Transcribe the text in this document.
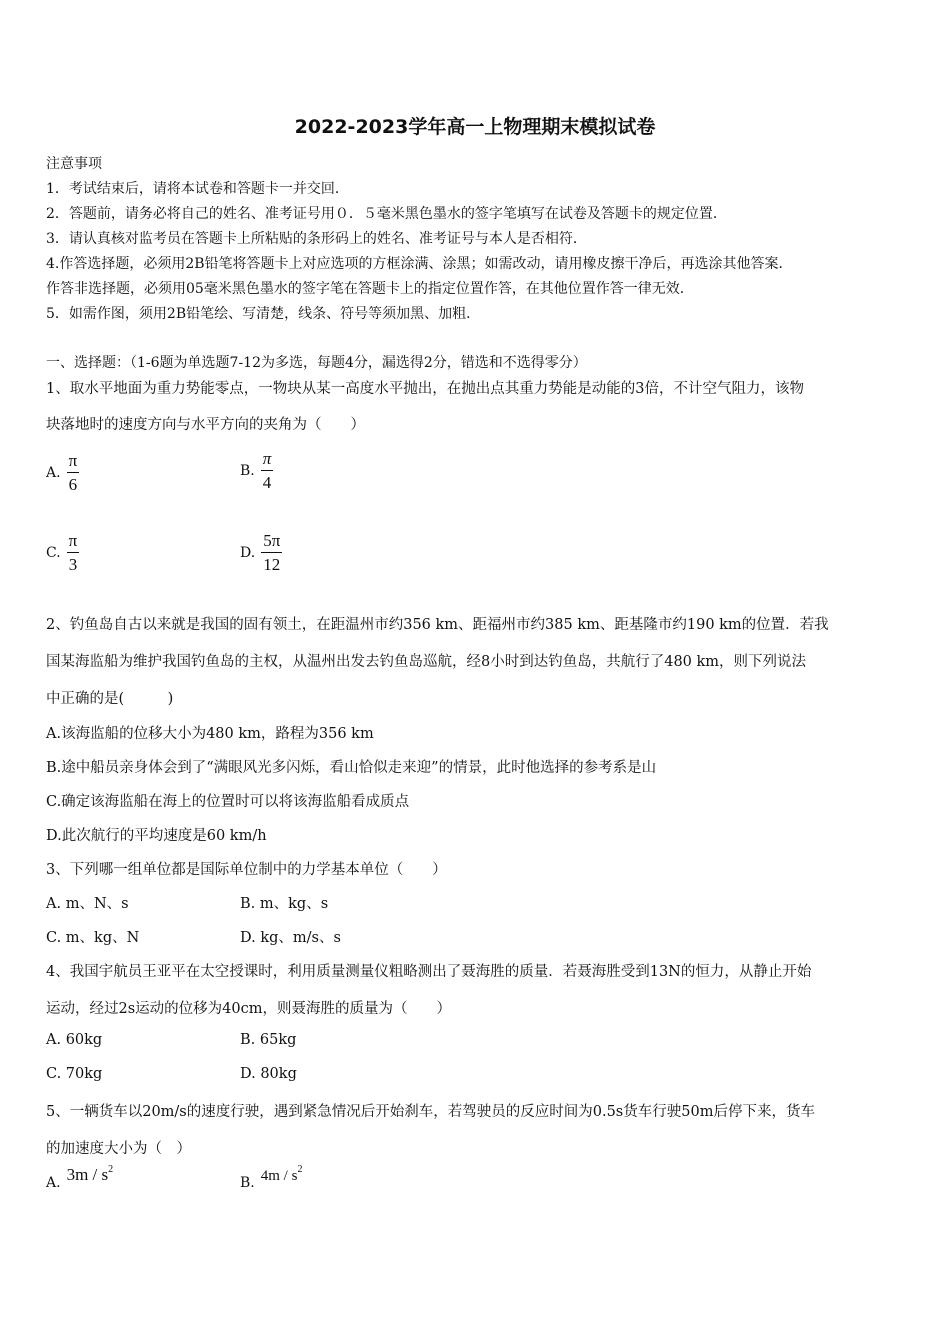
2022-2023学年高一上物理期末模拟试卷
注意事项
1．考试结束后，请将本试卷和答题卡一并交回．
2．答题前，请务必将自己的姓名、准考证号用０．５毫米黑色墨水的签字笔填写在试卷及答题卡的规定位置．
3．请认真核对监考员在答题卡上所粘贴的条形码上的姓名、准考证号与本人是否相符．
4.作答选择题，必须用2B铅笔将答题卡上对应选项的方框涂满、涂黑；如需改动，请用橡皮擦干净后，再选涂其他答案．
作答非选择题，必须用05毫米黑色墨水的签字笔在答题卡上的指定位置作答，在其他位置作答一律无效．
5．如需作图，须用2B铅笔绘、写清楚，线条、符号等须加黑、加粗．
一、选择题：（1-6题为单选题7-12为多选，每题4分，漏选得2分，错选和不选得零分）
1、取水平地面为重力势能零点，一物块从某一高度水平抛出，在抛出点其重力势能是动能的3倍，不计空气阻力，该物
块落地时的速度方向与水平方向的夹角为（　　）
A. $\frac{\pi}{6}$	B. $\frac{\pi}{4}$
C. $\frac{\pi}{3}$	D. $\frac{5\pi}{12}$
2、钓鱼岛自古以来就是我国的固有领土，在距温州市约356 km、距福州市约385 km、距基隆市约190 km的位置．若我
国某海监船为维护我国钓鱼岛的主权，从温州出发去钓鱼岛巡航，经8小时到达钓鱼岛，共航行了480 km，则下列说法
中正确的是(　　　)
A.该海监船的位移大小为480 km，路程为356 km
B.途中船员亲身体会到了“满眼风光多闪烁，看山恰似走来迎”的情景，此时他选择的参考系是山
C.确定该海监船在海上的位置时可以将该海监船看成质点
D.此次航行的平均速度是60 km/h
3、下列哪一组单位都是国际单位制中的力学基本单位（　　）
A. m、N、s	B. m、kg、s
C. m、kg、N	D. kg、m/s、s
4、我国宇航员王亚平在太空授课时，利用质量测量仪粗略测出了聂海胜的质量．若聂海胜受到13N的恒力，从静止开始
运动，经过2s运动的位移为40cm，则聂海胜的质量为（　　）
A. 60kg	B. 65kg
C. 70kg	D. 80kg
5、一辆货车以20m/s的速度行驶，遇到紧急情况后开始刹车，若驾驶员的反应时间为0.5s货车行驶50m后停下来，货车
的加速度大小为（　）
A. $3m / s^2$
B. $4m / s^2$
